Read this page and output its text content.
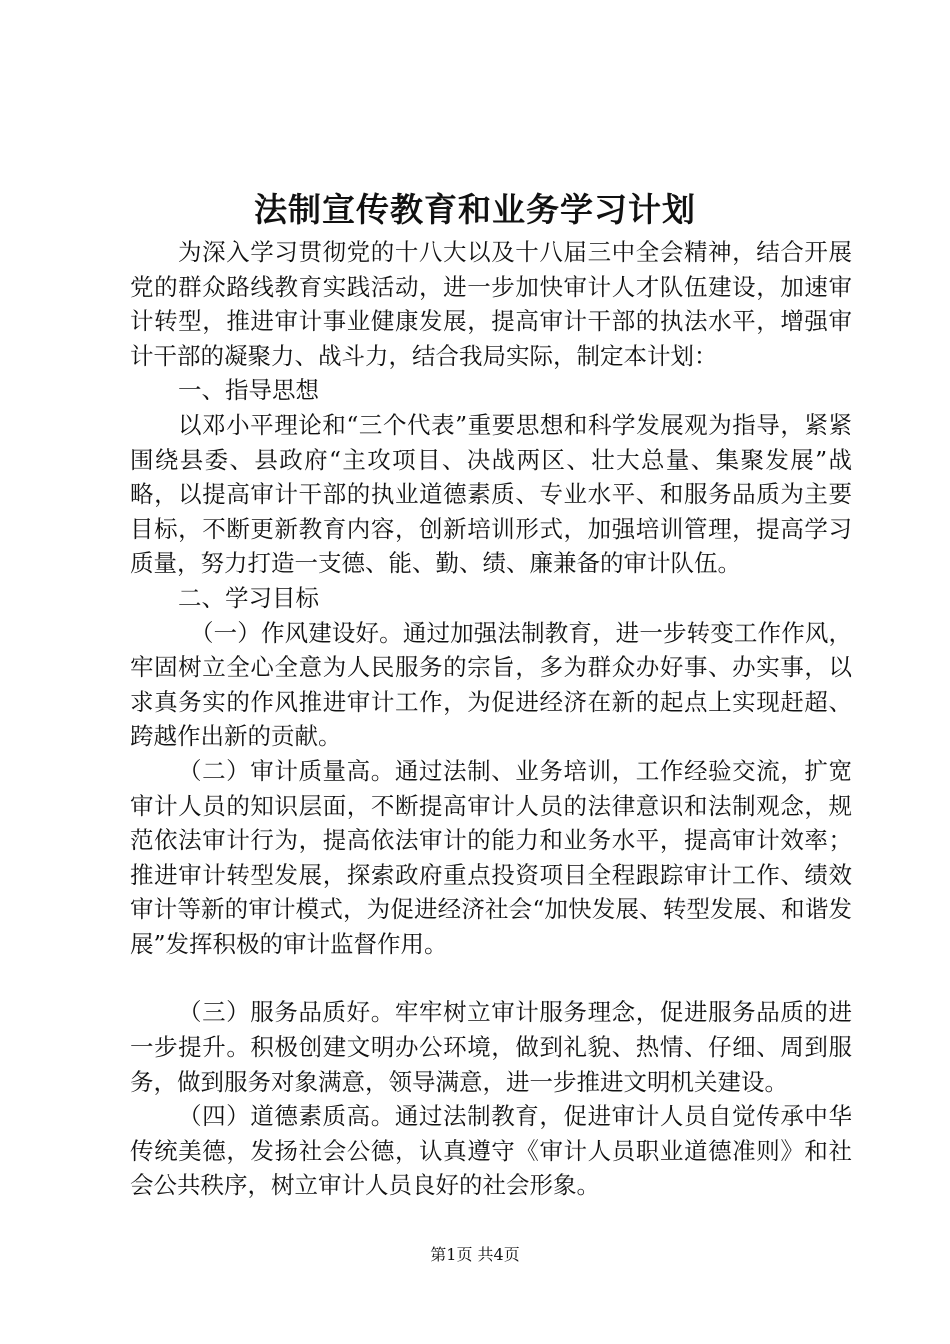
法制宣传教育和业务学习计划

为深入学习贯彻党的十八大以及十八届三中全会精神，结合开展党的群众路线教育实践活动，进一步加快审计人才队伍建设，加速审计转型，推进审计事业健康发展，提高审计干部的执法水平，增强审计干部的凝聚力、战斗力，结合我局实际，制定本计划：

一、指导思想

以邓小平理论和“三个代表”重要思想和科学发展观为指导，紧紧围绕县委、县政府“主攻项目、决战两区、壮大总量、集聚发展”战略，以提高审计干部的执业道德素质、专业水平、和服务品质为主要目标，不断更新教育内容，创新培训形式，加强培训管理，提高学习质量，努力打造一支德、能、勤、绩、廉兼备的审计队伍。

二、学习目标

（一）作风建设好。通过加强法制教育，进一步转变工作作风，牢固树立全心全意为人民服务的宗旨，多为群众办好事、办实事，以求真务实的作风推进审计工作，为促进经济在新的起点上实现赶超、跨越作出新的贡献。

（二）审计质量高。通过法制、业务培训，工作经验交流，扩宽审计人员的知识层面，不断提高审计人员的法律意识和法制观念，规范依法审计行为，提高依法审计的能力和业务水平，提高审计效率；推进审计转型发展，探索政府重点投资项目全程跟踪审计工作、绩效审计等新的审计模式，为促进经济社会“加快发展、转型发展、和谐发展”发挥积极的审计监督作用。

（三）服务品质好。牢牢树立审计服务理念，促进服务品质的进一步提升。积极创建文明办公环境，做到礼貌、热情、仔细、周到服务，做到服务对象满意，领导满意，进一步推进文明机关建设。

（四）道德素质高。通过法制教育，促进审计人员自觉传承中华传统美德，发扬社会公德，认真遵守《审计人员职业道德准则》和社会公共秩序，树立审计人员良好的社会形象。

第1页 共4页
